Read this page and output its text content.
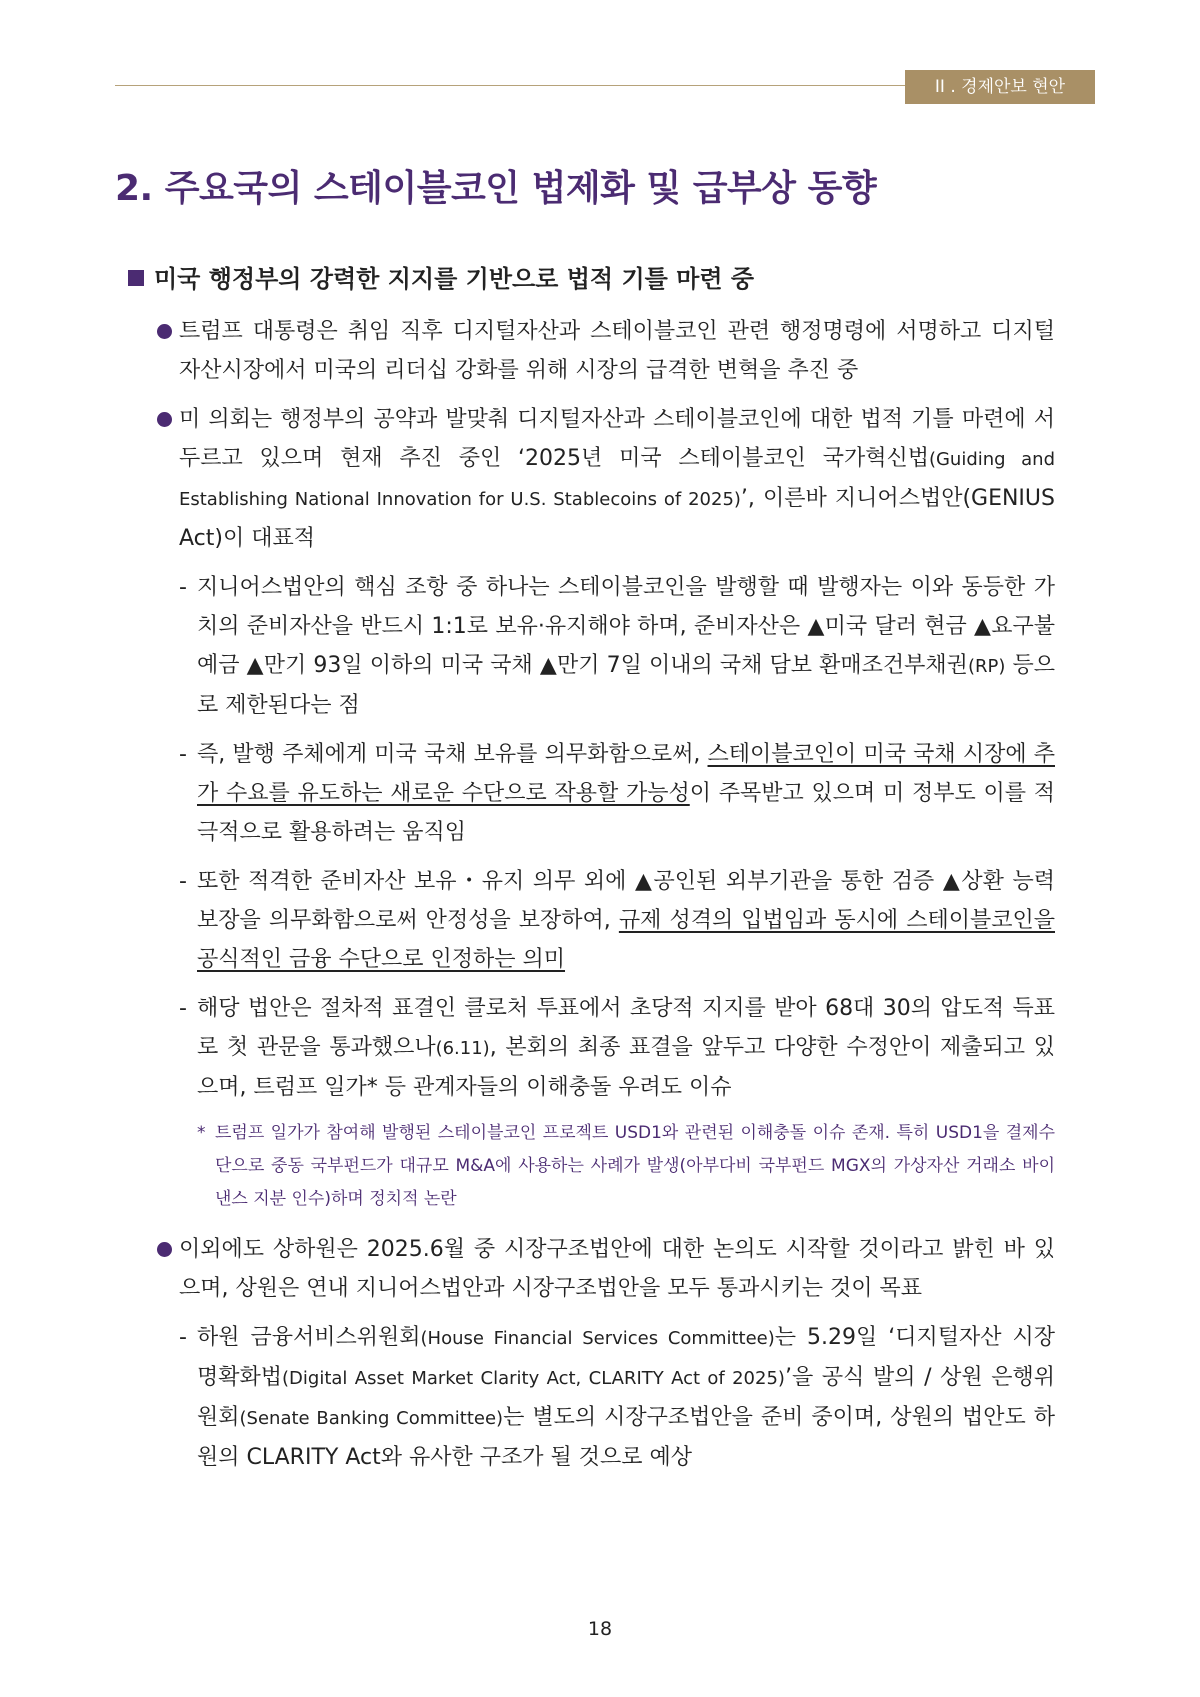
II . 경제안보 현안
2. 주요국의 스테이블코인 법제화 및 급부상 동향
미국 행정부의 강력한 지지를 기반으로 법적 기틀 마련 중
트럼프 대통령은 취임 직후 디지털자산과 스테이블코인 관련 행정명령에 서명하고 디지털 자산시장에서 미국의 리더십 강화를 위해 시장의 급격한 변혁을 추진 중
미 의회는 행정부의 공약과 발맞춰 디지털자산과 스테이블코인에 대한 법적 기틀 마련에 서두르고 있으며 현재 추진 중인 ‘2025년 미국 스테이블코인 국가혁신법(Guiding and Establishing National Innovation for U.S. Stablecoins of 2025)’, 이른바 지니어스법안(GENIUS Act)이 대표적
- 지니어스법안의 핵심 조항 중 하나는 스테이블코인을 발행할 때 발행자는 이와 동등한 가치의 준비자산을 반드시 1:1로 보유·유지해야 하며, 준비자산은 ▲미국 달러 현금 ▲요구불예금 ▲만기 93일 이하의 미국 국채 ▲만기 7일 이내의 국채 담보 환매조건부채권(RP) 등으로 제한된다는 점
- 즉, 발행 주체에게 미국 국채 보유를 의무화함으로써, 스테이블코인이 미국 국채 시장에 추가 수요를 유도하는 새로운 수단으로 작용할 가능성이 주목받고 있으며 미 정부도 이를 적극적으로 활용하려는 움직임
- 또한 적격한 준비자산 보유・유지 의무 외에 ▲공인된 외부기관을 통한 검증 ▲상환 능력 보장을 의무화함으로써 안정성을 보장하여, 규제 성격의 입법임과 동시에 스테이블코인을 공식적인 금융 수단으로 인정하는 의미
- 해당 법안은 절차적 표결인 클로처 투표에서 초당적 지지를 받아 68대 30의 압도적 득표로 첫 관문을 통과했으나(6.11), 본회의 최종 표결을 앞두고 다양한 수정안이 제출되고 있으며, 트럼프 일가* 등 관계자들의 이해충돌 우려도 이슈
* 트럼프 일가가 참여해 발행된 스테이블코인 프로젝트 USD1와 관련된 이해충돌 이슈 존재. 특히 USD1을 결제수단으로 중동 국부펀드가 대규모 M&A에 사용하는 사례가 발생(아부다비 국부펀드 MGX의 가상자산 거래소 바이낸스 지분 인수)하며 정치적 논란
이외에도 상하원은 2025.6월 중 시장구조법안에 대한 논의도 시작할 것이라고 밝힌 바 있으며, 상원은 연내 지니어스법안과 시장구조법안을 모두 통과시키는 것이 목표
- 하원 금융서비스위원회(House Financial Services Committee)는 5.29일 ‘디지털자산 시장 명확화법(Digital Asset Market Clarity Act, CLARITY Act of 2025)’을 공식 발의 / 상원 은행위원회(Senate Banking Committee)는 별도의 시장구조법안을 준비 중이며, 상원의 법안도 하원의 CLARITY Act와 유사한 구조가 될 것으로 예상
18
